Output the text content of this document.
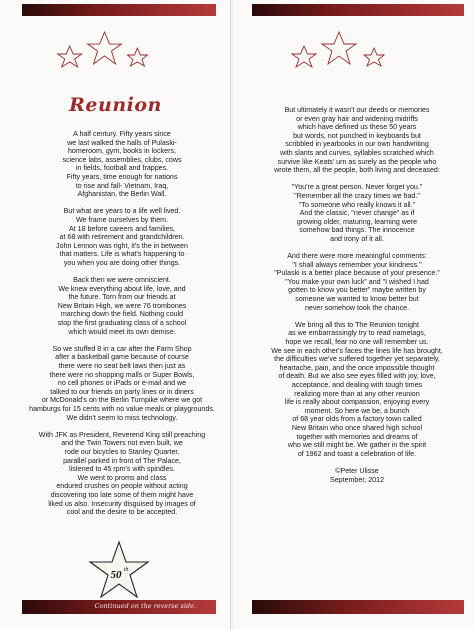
Reunion

A half century. Fifty years since
we last walked the halls of Pulaski-
homeroom, gym, books in lockers,
science labs, assemblies, clubs, cows
in fields, football and frappes.
Fifty years, time enough for nations
to rise and fall- Vietnam, Iraq,
Afghanistan, the Berlin Wall.

But what are years to a life well lived.
We frame ourselves by them.
At 18 before careers and families,
at 68 with retirement and grandchildren.
John Lennon was right, it's the in between
that matters. Life is what's happening to
you when you are doing other things.

Back then we were omniscient.
We knew everything about life, love, and
the future. Torn from our friends at
New Britain High, we were 76 trombones
marching down the field. Nothing could
stop the first graduating class of a school
which would meet its own demise.

So we stuffed 8 in a car after the Farm Shop
after a basketball game because of course
there were no seat belt laws then just as
there were no shopping malls or Super Bowls,
no cell phones or iPads or e-mail and we
talked to our friends on party lines or in diners
or McDonald's on the Berlin Turnpike where we got
hamburgs for 15 cents with no value meals or playgrounds.
We didn't seem to miss technology.

With JFK as President, Reverend King still preaching
and the Twin Towers not even built, we
rode our bicycles to Stanley Quarter,
parallel parked in front of The Palace,
listened to 45 rpm's with spindles.
We went to proms and class
endured crushes on people without acting
discovering too late some of them might have
liked us also. Insecurity disguised by images of
cool and the desire to be accepted.

50 th
Continued on the reverse side.

But ultimately it wasn't our deeds or memories
or even gray hair and widening midriffs
which have defined us these 50 years
but words, not punched in keyboards but
scribbled in yearbooks in our own handwriting
with slants and curves, syllables scratched which
survive like Keats' urn as surely as the people who
wrote them, all the people, both living and deceased:

"You're a great person. Never forget you."
"Remember all the crazy times we had."
"To someone who really knows it all."
And the classic, "never change" as if
growing older, maturing, learning were
somehow bad things. The innocence
and irony of it all.

And there were more meaningful comments:
"I shall always remember your kindness."
"Pulaski is a better place because of your presence."
"You make your own luck" and "I wished I had
gotten to know you better" maybe written by
someone we wanted to know better but
never somehow took the chance.

We bring all this to The Reunion tonight
as we embarrassingly try to read nametags,
hope we recall, fear no one will remember us.
We see in each other's faces the lines life has brought,
the difficulties we've suffered together yet separately,
heartache, pain, and the once impossible thought
of death. But we also see eyes filled with joy, love,
acceptance, and dealing with tough times
realizing more than at any other reunion
life is really about compassion, enjoying every
moment. So here we be, a bunch
of 68 year olds from a factory town called
New Britain who once shared high school
together with memories and dreams of
who we still might be. We gather in the spirit
of 1962 and toast a celebration of life.

©Peter Ulisse
September, 2012
